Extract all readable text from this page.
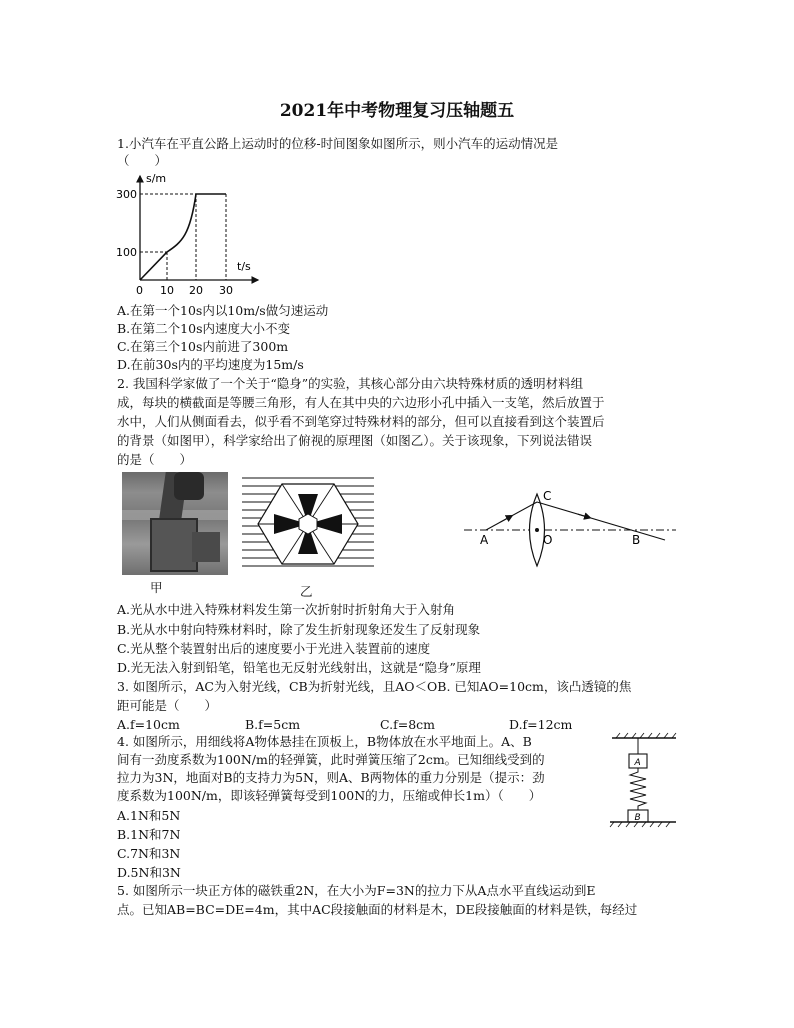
2021年中考物理复习压轴题五
1.小汽车在平直公路上运动时的位移-时间图象如图所示，则小汽车的运动情况是
（　　）
s/m
t/s
300
100
0 10 20 30
A.在第一个10s内以10m/s做匀速运动
B.在第二个10s内速度大小不变
C.在第三个10s内前进了300m
D.在前30s内的平均速度为15m/s
2. 我国科学家做了一个关于“隐身”的实验，其核心部分由六块特殊材质的透明材料组
成，每块的横截面是等腰三角形，有人在其中央的六边形小孔中插入一支笔，然后放置于
水中，人们从侧面看去，似乎看不到笔穿过特殊材料的部分，但可以直接看到这个装置后
的背景（如图甲），科学家给出了俯视的原理图（如图乙）。关于该现象，下列说法错误
的是（　　）
甲	乙
A
C
O	B
A.光从水中进入特殊材料发生第一次折射时折射角大于入射角
B.光从水中射向特殊材料时，除了发生折射现象还发生了反射现象
C.光从整个装置射出后的速度要小于光进入装置前的速度
D.光无法入射到铅笔，铅笔也无反射光线射出，这就是“隐身”原理
3. 如图所示，AC为入射光线，CB为折射光线，且AO＜OB. 已知AO=10cm，该凸透镜的焦
距可能是（　　）
A.f=10cm	B.f=5cm	C.f=8cm	D.f=12cm
4. 如图所示，用细线将A物体悬挂在顶板上，B物体放在水平地面上。A、B
间有一劲度系数为100N/m的轻弹簧，此时弹簧压缩了2cm。已知细线受到的
拉力为3N，地面对B的支持力为5N，则A、B两物体的重力分别是（提示：劲
度系数为100N/m，即该轻弹簧每受到100N的力，压缩或伸长1m）（　　）
A.1N和5N
B.1N和7N
C.7N和3N
D.5N和3N
A
B
5. 如图所示一块正方体的磁铁重2N，在大小为F=3N的拉力下从A点水平直线运动到E
点。已知AB=BC=DE=4m，其中AC段接触面的材料是木，DE段接触面的材料是铁，每经过
